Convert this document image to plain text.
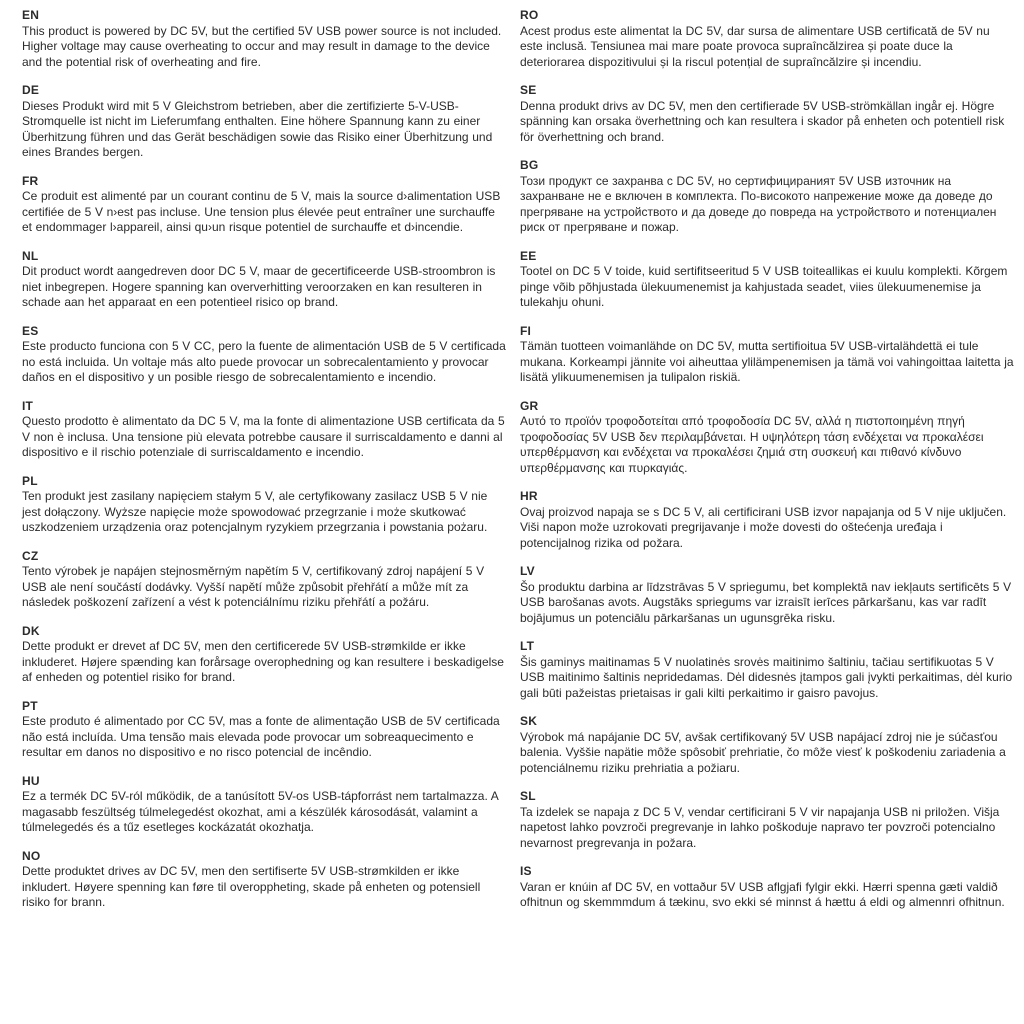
EN

This product is powered by DC 5V, but the certified 5V USB power source is not included. Higher voltage may cause overheating to occur and may result in damage to the device and the potential risk of overheating and fire.

DE

Dieses Produkt wird mit 5 V Gleichstrom betrieben, aber die zertifizierte 5-V-USB-Stromquelle ist nicht im Lieferumfang enthalten. Eine höhere Spannung kann zu einer Überhitzung führen und das Gerät beschädigen sowie das Risiko einer Überhitzung und eines Brandes bergen.

FR

Ce produit est alimenté par un courant continu de 5 V, mais la source d›alimentation USB certifiée de 5 V n›est pas incluse. Une tension plus élevée peut entraîner une surchauffe et endommager l›appareil, ainsi qu›un risque potentiel de surchauffe et d›incendie.

NL

Dit product wordt aangedreven door DC 5 V, maar de gecertificeerde USB-stroombron is niet inbegrepen. Hogere spanning kan oververhitting veroorzaken en kan resulteren in schade aan het apparaat en een potentieel risico op brand.

ES

Este producto funciona con 5 V CC, pero la fuente de alimentación USB de 5 V certificada no está incluida. Un voltaje más alto puede provocar un sobrecalentamiento y provocar daños en el dispositivo y un posible riesgo de sobrecalentamiento e incendio.

IT

Questo prodotto è alimentato da DC 5 V, ma la fonte di alimentazione USB certificata da 5 V non è inclusa. Una tensione più elevata potrebbe causare il surriscaldamento e danni al dispositivo e il rischio potenziale di surriscaldamento e incendio.

PL

Ten produkt jest zasilany napięciem stałym 5 V, ale certyfikowany zasilacz USB 5 V nie jest dołączony. Wyższe napięcie może spowodować przegrzanie i może skutkować uszkodzeniem urządzenia oraz potencjalnym ryzykiem przegrzania i powstania pożaru.

CZ

Tento výrobek je napájen stejnosměrným napětím 5 V, certifikovaný zdroj napájení 5 V USB ale není součástí dodávky. Vyšší napětí může způsobit přehřátí a může mít za následek poškození zařízení a vést k potenciálnímu riziku přehřátí a požáru.

DK

Dette produkt er drevet af DC 5V, men den certificerede 5V USB-strømkilde er ikke inkluderet. Højere spænding kan forårsage overophedning og kan resultere i beskadigelse af enheden og potentiel risiko for brand.

PT

Este produto é alimentado por CC 5V, mas a fonte de alimentação USB de 5V certificada não está incluída. Uma tensão mais elevada pode provocar um sobreaquecimento e resultar em danos no dispositivo e no risco potencial de incêndio.

HU

Ez a termék DC 5V-ról működik, de a tanúsított 5V-os USB-tápforrást nem tartalmazza. A magasabb feszültség túlmelegedést okozhat, ami a készülék károsodását, valamint a túlmelegedés és a tűz esetleges kockázatát okozhatja.

NO

Dette produktet drives av DC 5V, men den sertifiserte 5V USB-strømkilden er ikke inkludert. Høyere spenning kan føre til overoppheting, skade på enheten og potensiell risiko for brann.

RO

Acest produs este alimentat la DC 5V, dar sursa de alimentare USB certificată de 5V nu este inclusă. Tensiunea mai mare poate provoca supraîncălzirea și poate duce la deteriorarea dispozitivului și la riscul potențial de supraîncălzire și incendiu.

SE

Denna produkt drivs av DC 5V, men den certifierade 5V USB-strömkällan ingår ej. Högre spänning kan orsaka överhettning och kan resultera i skador på enheten och potentiell risk för överhettning och brand.

BG

Този продукт се захранва с DC 5V, но сертифицираният 5V USB източник на захранване не е включен в комплекта. По-високото напрежение може да доведе до прегряване на устройството и да доведе до повреда на устройството и потенциален риск от прегряване и пожар.

EE

Tootel on DC 5 V toide, kuid sertifitseeritud 5 V USB toiteallikas ei kuulu komplekti. Kõrgem pinge võib põhjustada ülekuumenemist ja kahjustada seadet, viies ülekuumenemise ja tulekahju ohuni.

FI

Tämän tuotteen voimanlähde on DC 5V, mutta sertifioitua 5V USB-virtalähdettä ei tule mukana. Korkeampi jännite voi aiheuttaa ylilämpenemisen ja tämä voi vahingoittaa laitetta ja lisätä ylikuumenemisen ja tulipalon riskiä.

GR

Αυτό το προϊόν τροφοδοτείται από τροφοδοσία DC 5V, αλλά η πιστοποιημένη πηγή τροφοδοσίας 5V USB δεν περιλαμβάνεται. Η υψηλότερη τάση ενδέχεται να προκαλέσει υπερθέρμανση και ενδέχεται να προκαλέσει ζημιά στη συσκευή και πιθανό κίνδυνο υπερθέρμανσης και πυρκαγιάς.

HR

Ovaj proizvod napaja se s DC 5 V, ali certificirani USB izvor napajanja od 5 V nije uključen. Viši napon može uzrokovati pregrijavanje i može dovesti do oštećenja uređaja i potencijalnog rizika od požara.

LV

Šo produktu darbina ar līdzstrāvas 5 V spriegumu, bet komplektā nav iekļauts sertificēts 5 V USB barošanas avots. Augstāks spriegums var izraisīt ierīces pārkaršanu, kas var radīt bojājumus un potenciālu pārkaršanas un ugunsgrēka risku.

LT

Šis gaminys maitinamas 5 V nuolatinės srovės maitinimo šaltiniu, tačiau sertifikuotas 5 V USB maitinimo šaltinis nepridedamas. Dėl didesnės įtampos gali įvykti perkaitimas, dėl kurio gali būti pažeistas prietaisas ir gali kilti perkaitimo ir gaisro pavojus.

SK

Výrobok má napájanie DC 5V, avšak certifikovaný 5V USB napájací zdroj nie je súčasťou balenia. Vyššie napätie môže spôsobiť prehriatie, čo môže viesť k poškodeniu zariadenia a potenciálnemu riziku prehriatia a požiaru.

SL

Ta izdelek se napaja z DC 5 V, vendar certificirani 5 V vir napajanja USB ni priložen. Višja napetost lahko povzroči pregrevanje in lahko poškoduje napravo ter povzroči potencialno nevarnost pregrevanja in požara.

IS

Varan er knúin af DC 5V, en vottaður 5V USB aflgjafi fylgir ekki. Hærri spenna gæti valdið ofhitnun og skemmmdum á tækinu, svo ekki sé minnst á hættu á eldi og almennri ofhitnun.
